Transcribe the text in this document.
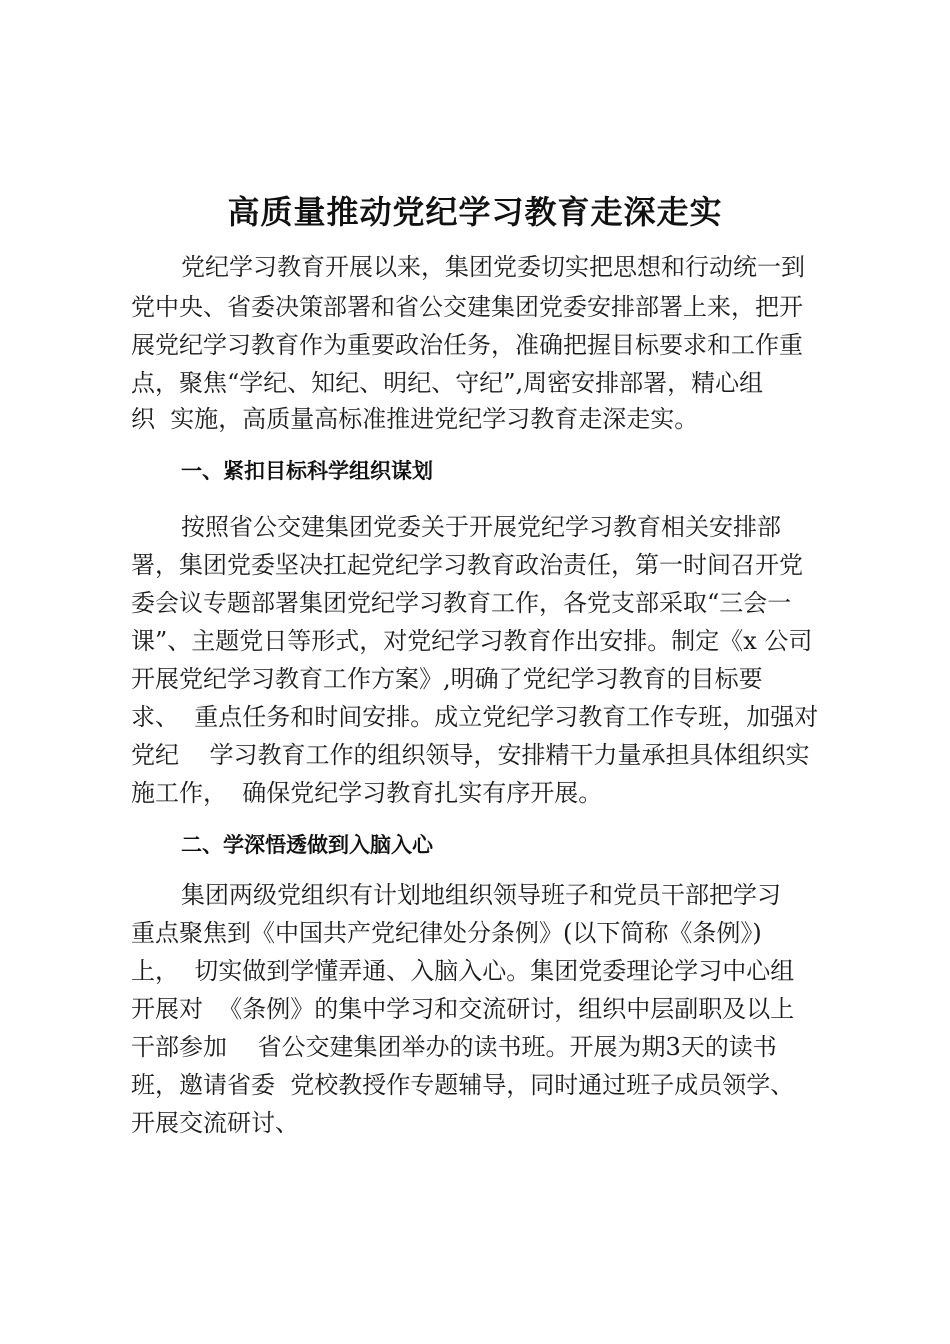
高质量推动党纪学习教育走深走实
党纪学习教育开展以来，集团党委切实把思想和行动统一到
党中央、省委决策部署和省公交建集团党委安排部署上来，把开
展党纪学习教育作为重要政治任务，准确把握目标要求和工作重
点，聚焦“学纪、知纪、明纪、守纪”,周密安排部署，精心组
织  实施，高质量高标准推进党纪学习教育走深走实。
一、紧扣目标科学组织谋划
按照省公交建集团党委关于开展党纪学习教育相关安排部
署，集团党委坚决扛起党纪学习教育政治责任，第一时间召开党
委会议专题部署集团党纪学习教育工作，各党支部采取“三会一
课”、主题党日等形式，对党纪学习教育作出安排。制定《x 公司
开展党纪学习教育工作方案》,明确了党纪学习教育的目标要
求、  重点任务和时间安排。成立党纪学习教育工作专班，加强对
党纪    学习教育工作的组织领导，安排精干力量承担具体组织实
施工作，  确保党纪学习教育扎实有序开展。
二、学深悟透做到入脑入心
集团两级党组织有计划地组织领导班子和党员干部把学习
重点聚焦到《中国共产党纪律处分条例》(以下简称《条例》)
上，  切实做到学懂弄通、入脑入心。集团党委理论学习中心组
开展对  《条例》的集中学习和交流研讨，组织中层副职及以上
干部参加    省公交建集团举办的读书班。开展为期3天的读书
班，邀请省委  党校教授作专题辅导，同时通过班子成员领学、
开展交流研讨、
